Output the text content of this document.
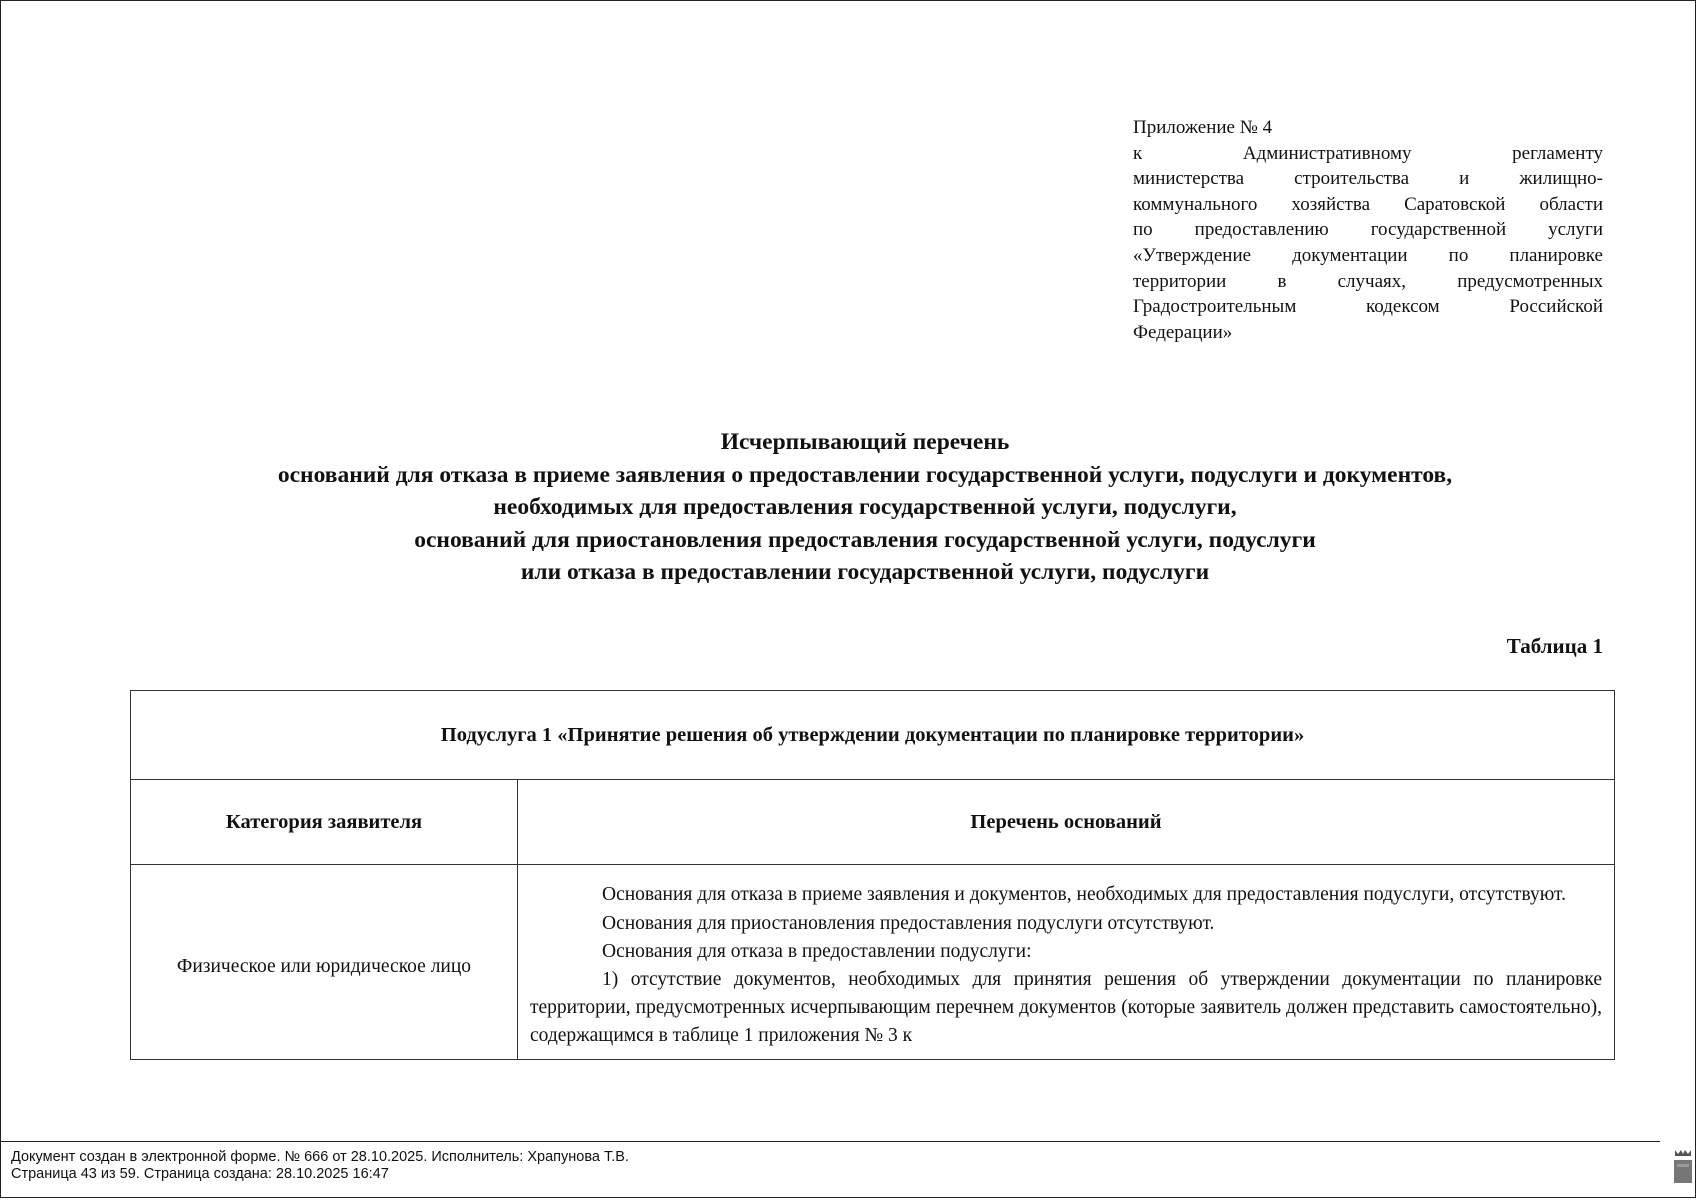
Приложение № 4
к Административному регламенту
министерства строительства и жилищно-
коммунального хозяйства Саратовской области
по предоставлению государственной услуги
«Утверждение документации по планировке
территории в случаях, предусмотренных
Градостроительным кодексом Российской
Федерации»
Исчерпывающий перечень
оснований для отказа в приеме заявления о предоставлении государственной услуги, подуслуги и документов,
необходимых для предоставления государственной услуги, подуслуги,
оснований для приостановления предоставления государственной услуги, подуслуги
или отказа в предоставлении государственной услуги, подуслуги
Таблица 1
Подуслуга 1 «Принятие решения об утверждении документации по планировке территории»	
Категория заявителя	Перечень оснований
Физическое или юридическое лицо	Основания для отказа в приеме заявления и документов, необходимых для предоставления подуслуги, отсутствуют.

Основания для приостановления предоставления подуслуги отсутствуют.

Основания для отказа в предоставлении подуслуги:

1) отсутствие документов, необходимых для принятия решения об утверждении документации по планировке территории, предусмотренных исчерпывающим перечнем документов (которые заявитель должен представить самостоятельно), содержащимся в таблице 1 приложения № 3 к

Документ создан в электронной форме. № 666 от 28.10.2025. Исполнитель: Храпунова Т.В.
Страница 43 из 59. Страница создана: 28.10.2025 16:47
